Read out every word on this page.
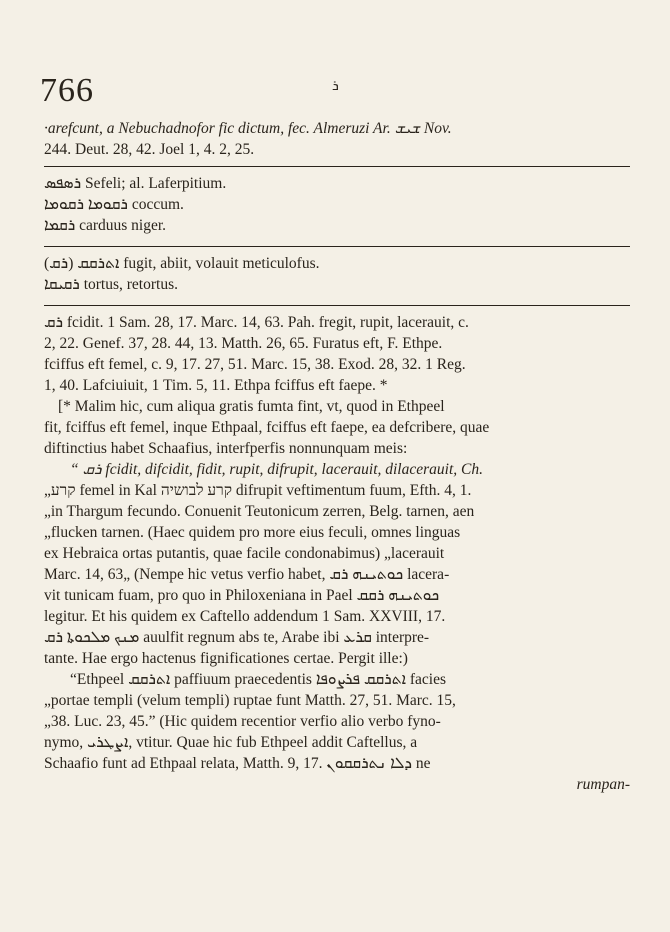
766	ܪ
·arefcunt, a Nebuchadnofor fic dictum, fec. Almeruzi Ar. ܫܝܫ Nov.
244. Deut. 28, 42. Joel 1, 4. 2, 25.
ܪܣܦܣ Sefeli; al. Laferpitium.
ܪܩܘܡܐ ܪܩܘܡܐ coccum.
ܪܩܡܐ carduus niger.
(ܪܩ) ܐܬܪܩܩ fugit, abiit, volauit meticulofus.
ܪܩܝܩܐ tortus, retortus.
ܪܩ fcidit. 1 Sam. 28, 17. Marc. 14, 63. Pah. fregit, rupit, lacerauit, c.
2, 22. Genef. 37, 28. 44, 13. Matth. 26, 65. Furatus eft, F. Ethpe.
fciffus eft femel, c. 9, 17. 27, 51. Marc. 15, 38. Exod. 28, 32. 1 Reg.
1, 40. Lafciuiuit, 1 Tim. 5, 11. Ethpa fciffus eft faepe. *
[* Malim hic, cum aliqua gratis fumta fint, vt, quod in Ethpeel
fit, fciffus eft femel, inque Ethpaal, fciffus eft faepe, ea defcribere, quae
diftinctius habet Schaafius, interfperfis nonnunquam meis:
“ ܪܩ fcidit, difcidit, fidit, rupit, difrupit, lacerauit, dilacerauit, Ch.
„קרע femel in Kal קרע לבושיה difrupit veftimentum fuum, Efth. 4, 1.
„in Thargum fecundo. Conuenit Teutonicum zerren, Belg. tarnen, aen
„flucken tarnen. (Haec quidem pro more eius feculi, omnes linguas
ex Hebraica ortas putantis, quae facile condonabimus) „lacerauit
Marc. 14, 63„ (Nempe hic vetus verfio habet, ܟܘܬܝܢܗ ܪܩ lacera-
vit tunicam fuam, pro quo in Philoxeniana in Pael ܟܘܬܝܢܗ ܪܩܩ
legitur. Et his quidem ex Caftello addendum 1 Sam. XXVIII, 17.
ܡܢܟ ܡܠܟܘܬܐ ܪܩ auulfit regnum abs te, Arabe ibi ܩܪܥ interpre-
tante. Hae ergo hactenus fignificationes certae. Pergit ille:)
“Ethpeel ܐܬܪܩܩ paffiuum praecedentis ܐܬܪܩܩ ܦܪܨܘܦܐ facies
„portae templi (velum templi) ruptae funt Matth. 27, 51. Marc. 15,
„38. Luc. 23, 45.” (Hic quidem recentior verfio alio verbo fyno-
nymo, ܐܨܛܪܝ, vtitur. Quae hic fub Ethpeel addit Caftellus, a
Schaafio funt ad Ethpaal relata, Matth. 9, 17. ܕܠܐ ܢܬܪܩܩܘܢ ne
rumpan-
